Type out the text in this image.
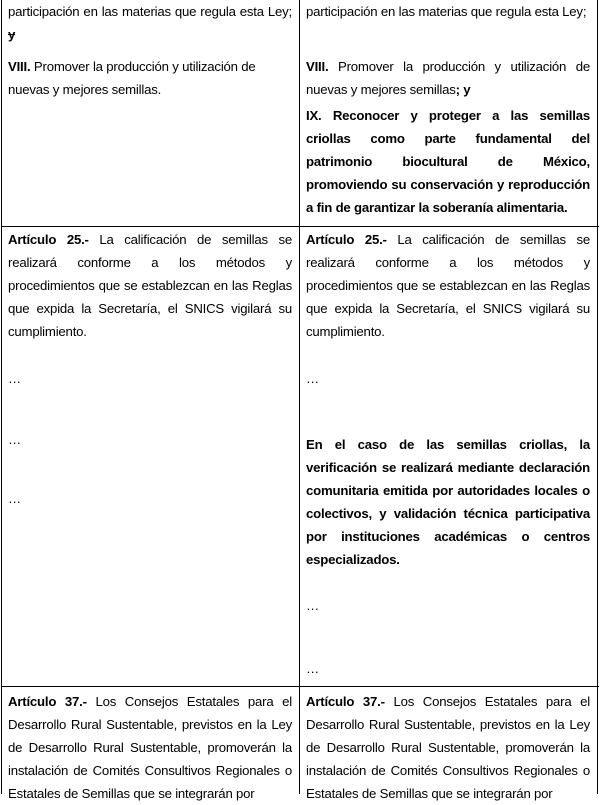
participación en las materias que regula esta Ley; y

VIII. Promover la producción y utilización de nuevas y mejores semillas.

participación en las materias que regula esta Ley;

VIII. Promover la producción y utilización de nuevas y mejores semillas; y

IX. Reconocer y proteger a las semillas criollas como parte fundamental del patrimonio biocultural de México, promoviendo su conservación y reproducción a fin de garantizar la soberanía alimentaria.

Artículo 25.- La calificación de semillas se realizará conforme a los métodos y procedimientos que se establezcan en las Reglas que expida la Secretaría, el SNICS vigilará su cumplimiento.

…

…

…

Artículo 25.- La calificación de semillas se realizará conforme a los métodos y procedimientos que se establezcan en las Reglas que expida la Secretaría, el SNICS vigilará su cumplimiento.

…

En el caso de las semillas criollas, la verificación se realizará mediante declaración comunitaria emitida por autoridades locales o colectivos, y validación técnica participativa por instituciones académicas o centros especializados.

…

…

Artículo 37.- Los Consejos Estatales para el Desarrollo Rural Sustentable, previstos en la Ley de Desarrollo Rural Sustentable, promoverán la instalación de Comités Consultivos Regionales o Estatales de Semillas que se integrarán por

Artículo 37.- Los Consejos Estatales para el Desarrollo Rural Sustentable, previstos en la Ley de Desarrollo Rural Sustentable, promoverán la instalación de Comités Consultivos Regionales o Estatales de Semillas que se integrarán por
